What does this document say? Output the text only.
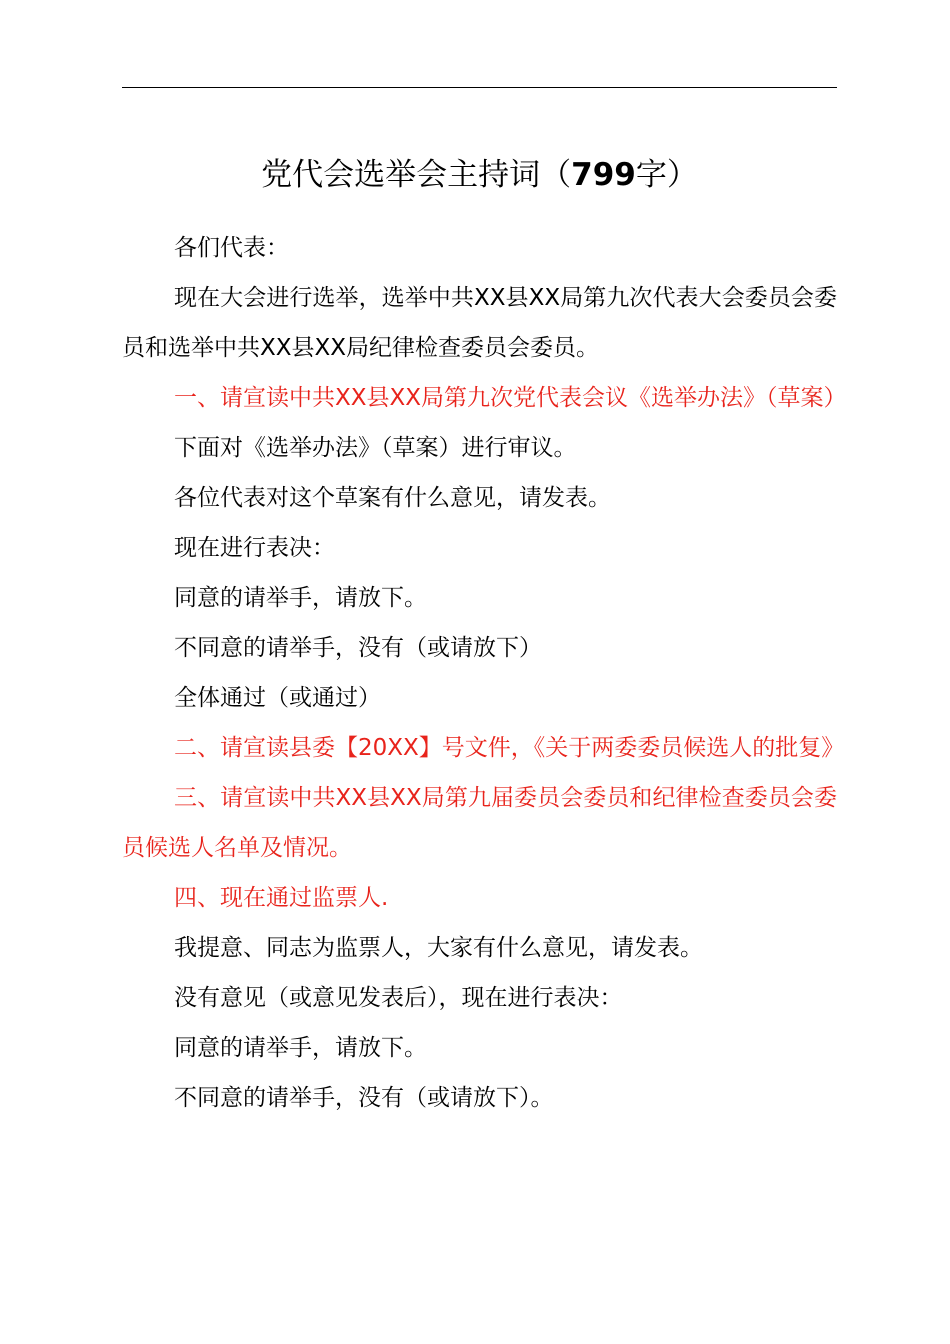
党代会选举会主持词（799字）

各们代表：

现在大会进行选举，选举中共XX县XX局第九次代表大会委员会委员和选举中共XX县XX局纪律检查委员会委员。

一、请宣读中共XX县XX局第九次党代表会议《选举办法》（草案）

下面对《选举办法》（草案）进行审议。

各位代表对这个草案有什么意见，请发表。

现在进行表决：

同意的请举手，请放下。

不同意的请举手，没有（或请放下）

全体通过（或通过）

二、请宣读县委【20XX】号文件，《关于两委委员候选人的批复》

三、请宣读中共XX县XX局第九届委员会委员和纪律检查委员会委员候选人名单及情况。

四、现在通过监票人.

我提意、同志为监票人，大家有什么意见，请发表。

没有意见（或意见发表后），现在进行表决：

同意的请举手，请放下。

不同意的请举手，没有（或请放下）。
